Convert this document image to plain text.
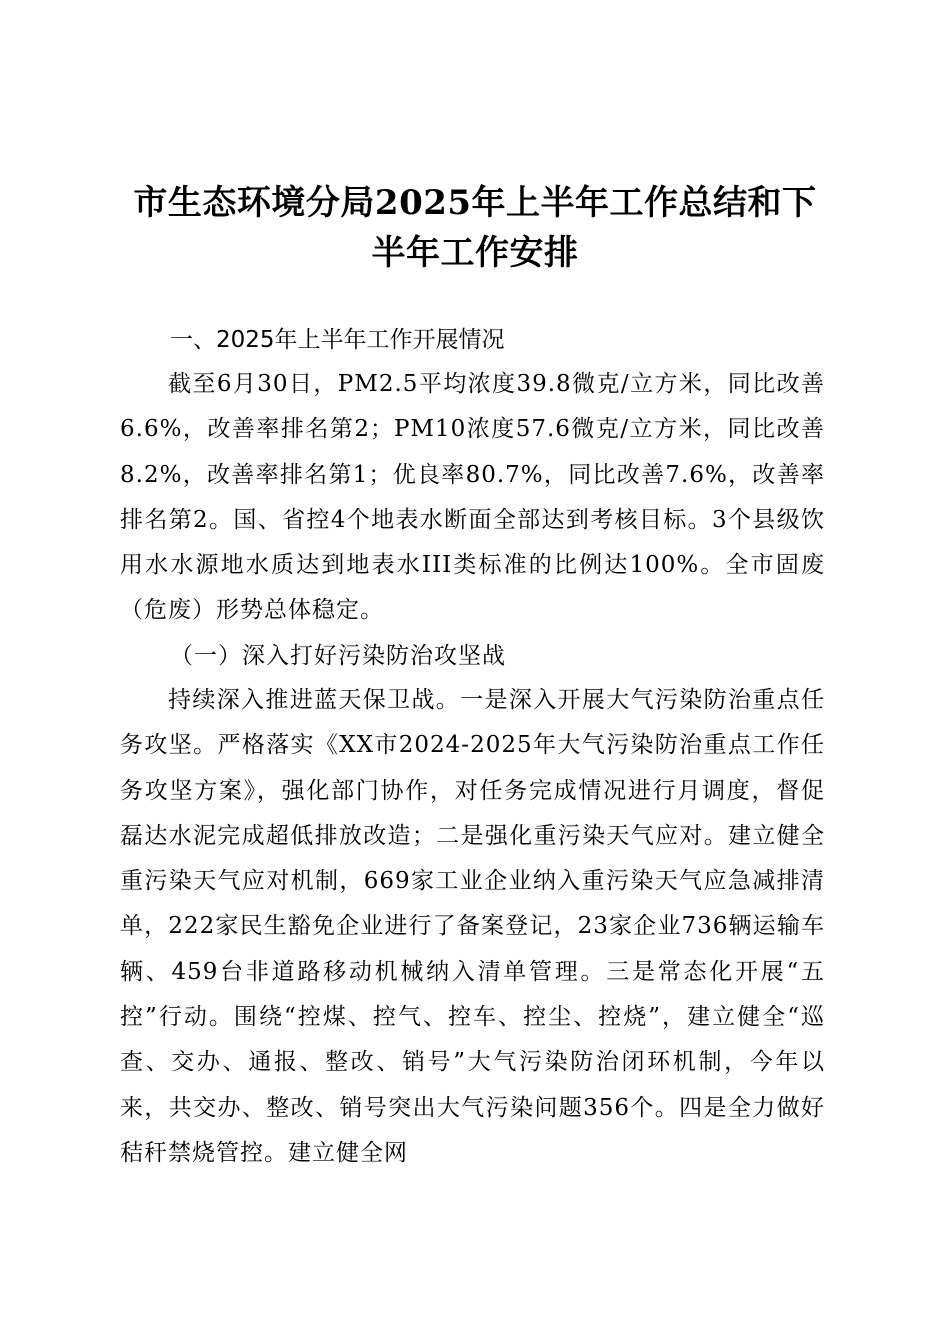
市生态环境分局2025年上半年工作总结和下半年工作安排

一、2025年上半年工作开展情况

截至6月30日，PM2.5平均浓度39.8微克/立方米，同比改善6.6%，改善率排名第2；PM10浓度57.6微克/立方米，同比改善8.2%，改善率排名第1；优良率80.7%，同比改善7.6%，改善率排名第2。国、省控4个地表水断面全部达到考核目标。3个县级饮用水水源地水质达到地表水III类标准的比例达100%。全市固废（危废）形势总体稳定。

（一）深入打好污染防治攻坚战

持续深入推进蓝天保卫战。一是深入开展大气污染防治重点任务攻坚。严格落实《XX市2024-2025年大气污染防治重点工作任务攻坚方案》，强化部门协作，对任务完成情况进行月调度，督促磊达水泥完成超低排放改造；二是强化重污染天气应对。建立健全重污染天气应对机制，669家工业企业纳入重污染天气应急减排清单，222家民生豁免企业进行了备案登记，23家企业736辆运输车辆、459台非道路移动机械纳入清单管理。三是常态化开展“五控”行动。围绕“控煤、控气、控车、控尘、控烧”，建立健全“巡查、交办、通报、整改、销号”大气污染防治闭环机制，今年以来，共交办、整改、销号突出大气污染问题356个。四是全力做好秸秆禁烧管控。建立健全网
